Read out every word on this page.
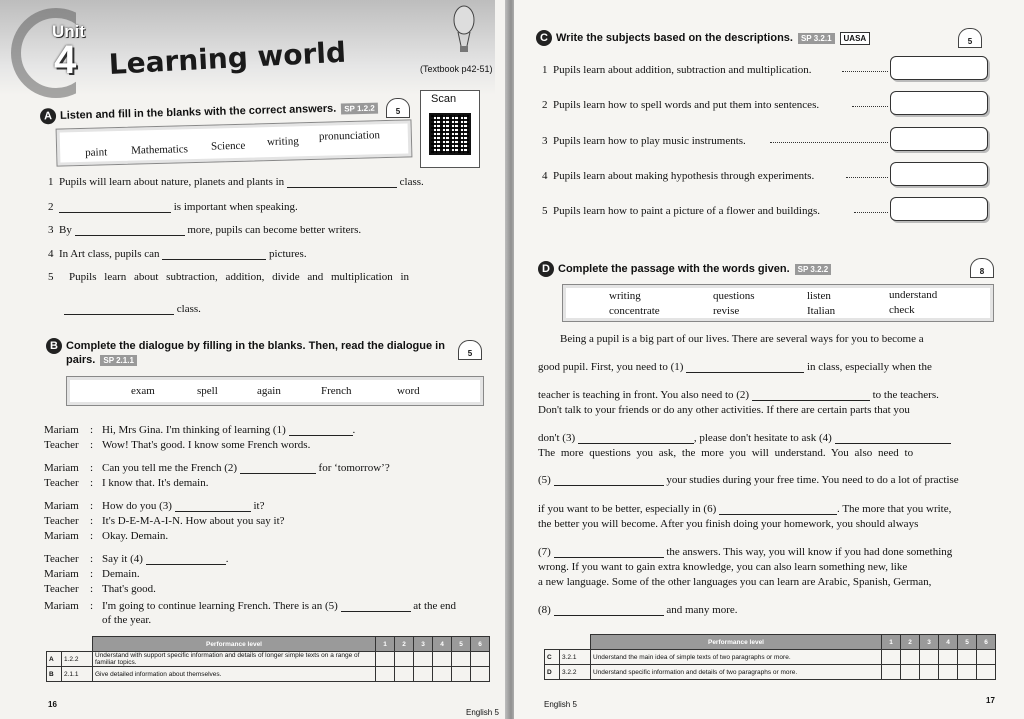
Unit
4 Learning world	(Textbook p42-51)
Scan
A Listen and fill in the blanks with the correct answers. SP 1.2.2	5
paint Mathematics Science writing pronunciation
1 Pupils will learn about nature, planets and plants in	class.
2	is important when speaking.
3 By	more, pupils can become better writers.
4 In Art class, pupils can	pictures.
5 Pupils learn about subtraction, addition, divide and multiplication in
class.
B Complete the dialogue by filling in the blanks. Then, read the dialogue in
pairs. SP 2.1.1
5
exam	spell	again	French	word
Mariam : Hi, Mrs Gina. I'm thinking of learning (1)	.
Teacher : Wow! That's good. I know some French words.
Mariam : Can you tell me the French (2)	for ‘tomorrow’?
Teacher : I know that. It's demain.
Mariam : How do you (3)	it?
Teacher : It's D-E-M-A-I-N. How about you say it?
Mariam : Okay. Demain.
Teacher : Say it (4)	.
Mariam : Demain.
Teacher : That's good.
Mariam : I'm going to continue learning French. There is an (5)	at the end
of the year.
		Performance level	1	2	3	4	5	6
A	1.2.2	Understand with support specific information and details of longer simple texts on a range of familiar topics.						
B	2.1.1	Give detailed information about themselves.						
16
English 5
C Write the subjects based on the descriptions. SP 3.2.1 UASA	5
1 Pupils learn about addition, subtraction and multiplication.
2 Pupils learn how to spell words and put them into sentences.
3 Pupils learn how to play music instruments.
4 Pupils learn about making hypothesis through experiments.
5 Pupils learn how to paint a picture of a flower and buildings.
D Complete the passage with the words given. SP 3.2.2	8
writing	questions	listen	understand
concentrate	revise	Italian	check
Being a pupil is a big part of our lives. There are several ways for you to become a
good pupil. First, you need to (1)	in class, especially when the
teacher is teaching in front. You also need to (2)	to the teachers.
Don't talk to your friends or do any other activities. If there are certain parts that you
don't (3)	, please don't hesitate to ask (4)
The more questions you ask, the more you will understand. You also need to
(5)	your studies during your free time. You need to do a lot of practise
if you want to be better, especially in (6)	. The more that you write,
the better you will become. After you finish doing your homework, you should always
(7)	the answers. This way, you will know if you had done something
wrong. If you want to gain extra knowledge, you can also learn something new, like
a new language. Some of the other languages you can learn are Arabic, Spanish, German,
(8)	and many more.
		Performance level	1	2	3	4	5	6
C	3.2.1	Understand the main idea of simple texts of two paragraphs or more.						
D	3.2.2	Understand specific information and details of two paragraphs or more.						
English 5	17
